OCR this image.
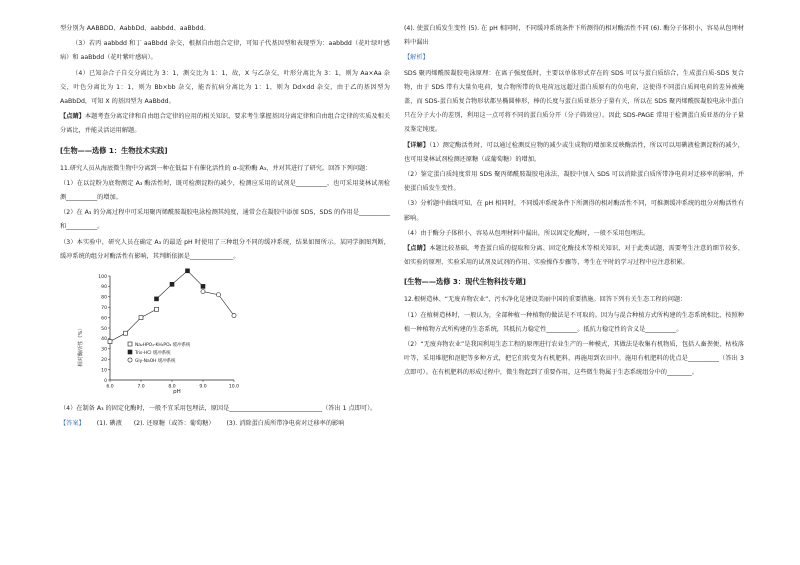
型分别为 AABBDD、AabbDd、aabbdd、aaBbdd。

（3）若丙 aabbdd 和丁 aaBbdd 杂交，根据自由组合定律，可知子代基因型和表现型为：aabbdd（花叶绿叶感病）和 aaBbdd（花叶紫叶感病）。

（4）已知杂合子自交分离比为 3：1，测交比为 1：1，故，X 与乙杂交，叶形分离比为 3：1，则为 Aa×Aa 杂交，叶色分离比为 1：1，则为 Bb×bb 杂交，能否抗病分离比为 1：1，则为 Dd×dd 杂交，由于乙的基因型为 AaBbDd，可知 X 的基因型为 AaBbdd。

【点睛】本题考查分离定律和自由组合定律的应用的相关知识，要求考生掌握基因分离定律和自由组合定律的实质及相关分离比，并能灵活运用解题。

[生物——选修 1：生物技术实践]

11.研究人员从海底微生物中分离到一种在低温下有催化活性的 α-淀粉酶 A₃，并对其进行了研究。回答下列问题：

（1）在以淀粉为底物测定 A₃ 酶活性时，既可检测淀粉的减少，检测应采用的试剂是__________，也可采用斐林试剂检测__________的增加。

（2）在 A₃ 的分离过程中可采用聚丙烯酰胺凝胶电泳检测其纯度，通常会在凝胶中添加 SDS，SDS 的作用是__________和__________。

（3）本实验中，研究人员在确定 A₃ 的最适 pH 时使用了三种组分不同的缓冲系统，结果如图所示。某同学据图判断，缓冲系统的组分对酶活性有影响，其判断依据是______________。

0
10
20
30
40
50
60
70
80
90
100
6.0	7.0	8.0	9.0	10.0
Na₂HPO₄-KH₂PO₄ 缓冲系统
Tris-HCl 缓冲系统
Gly-NaOH 缓冲系统
相对酶活性（%）
pH

（4）在制备 A₃ 的固定化酶时，一般不宜采用包埋法，原因是______________________________（答出 1 点即可）。

【答案】 (1). 碘液 (2). 还原糖（或答：葡萄糖） (3). 消除蛋白质所带净电荷对迁移率的影响

(4). 使蛋白质发生变性 (5). 在 pH 相同时，不同缓冲系统条件下所测得的相对酶活性不同 (6). 酶分子体积小，容易从包埋材料中漏出

【解析】

SDS 聚丙烯酰胺凝胶电泳原理：在离子强度低时，主要以单体形式存在的 SDS 可以与蛋白质结合，生成蛋白质-SDS 复合物，由于 SDS 带有大量负电荷，复合物所带的负电荷远远超过蛋白质原有的负电荷，这使得不同蛋白质间电荷的差异被掩盖，而 SDS-蛋白质复合物形状都呈椭圆棒形，棒的长度与蛋白质亚基分子量有关，所以在 SDS 聚丙烯酰胺凝胶电泳中蛋白只在分子大小的差别，利用这一点可将不同的蛋白质分开（分子筛效应）。因此 SDS-PAGE 常用于检测蛋白质亚基的分子量及鉴定纯度。

【详解】（1）测定酶活性时，可以通过检测反应物的减少或生成物的增加来反映酶活性，所以可以用碘液检测淀粉的减少，也可用斐林试剂检测还原糖（或葡萄糖）的增加。

（2）鉴定蛋白质纯度常用 SDS 聚丙烯酰胺凝胶电泳法，凝胶中加入 SDS 可以消除蛋白质所带净电荷对迁移率的影响，并使蛋白质发生变性。

（3）分析题中曲线可知，在 pH 相同时，不同缓冲系统条件下所测得的相对酶活性不同，可推测缓冲系统的组分对酶活性有影响。

（4）由于酶分子体积小，容易从包埋材料中漏出，所以固定化酶时，一般不采用包埋法。

【点睛】本题比较基础，考查蛋白质的提取和分离、固定化酶技术等相关知识，对于此类试题，需要考生注意的细节较多，如实验的原理、实验采用的试剂及试剂的作用、实验操作步骤等，考生在平时的学习过程中应注意积累。

[生物——选修 3：现代生物科技专题]

12.根树造林、“无废弃物农业”、污水净化是建设美丽中国的重要措施。回答下列有关生态工程的问题：

（1）在植树造林时，一般认为，全部种植一种植物的做法是不可取的。因为与混合种植方式所构建的生态系统相比，按照种植一种植物方式所构建的生态系统，其抵抗力稳定性__________。抵抗力稳定性的含义是__________。

（2）“无废弃物农业”是我国利用生态工程的原理进行农业生产的一种模式，其做法是收集有机物质，包括人畜粪便、枯枝落叶等，采用堆肥和沤肥等多种方式，把它们转变为有机肥料，再施用到农田中。施用有机肥料的优点是__________（答出 3 点即可）。在有机肥料的形成过程中，微生物起到了重要作用，这些微生物属于生态系统组分中的________。
